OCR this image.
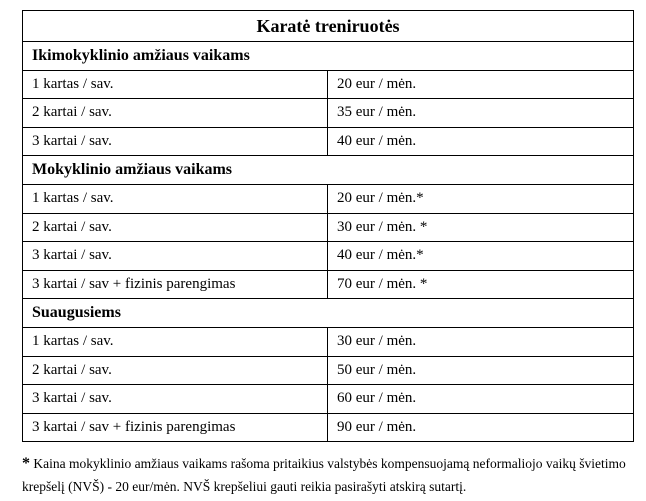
Karatė treniruotės	
Ikimokyklinio amžiaus vaikams	
1 kartas / sav.	20 eur / mėn.
2 kartai / sav.	35 eur / mėn.
3 kartai / sav.	40 eur / mėn.
Mokyklinio amžiaus vaikams	
1 kartas / sav.	20 eur / mėn.*
2 kartai / sav.	30 eur / mėn. *
3 kartai / sav.	40 eur / mėn.*
3 kartai / sav + fizinis parengimas	70 eur / mėn. *
Suaugusiems	
1 kartas / sav.	30 eur / mėn.
2 kartai / sav.	50 eur / mėn.
3 kartai / sav.	60 eur / mėn.
3 kartai / sav + fizinis parengimas	90 eur / mėn.

* Kaina mokyklinio amžiaus vaikams rašoma pritaikius valstybės kompensuojamą neformaliojo vaikų švietimo krepšelį (NVŠ) - 20 eur/mėn. NVŠ krepšeliui gauti reikia pasirašyti atskirą sutartį.
